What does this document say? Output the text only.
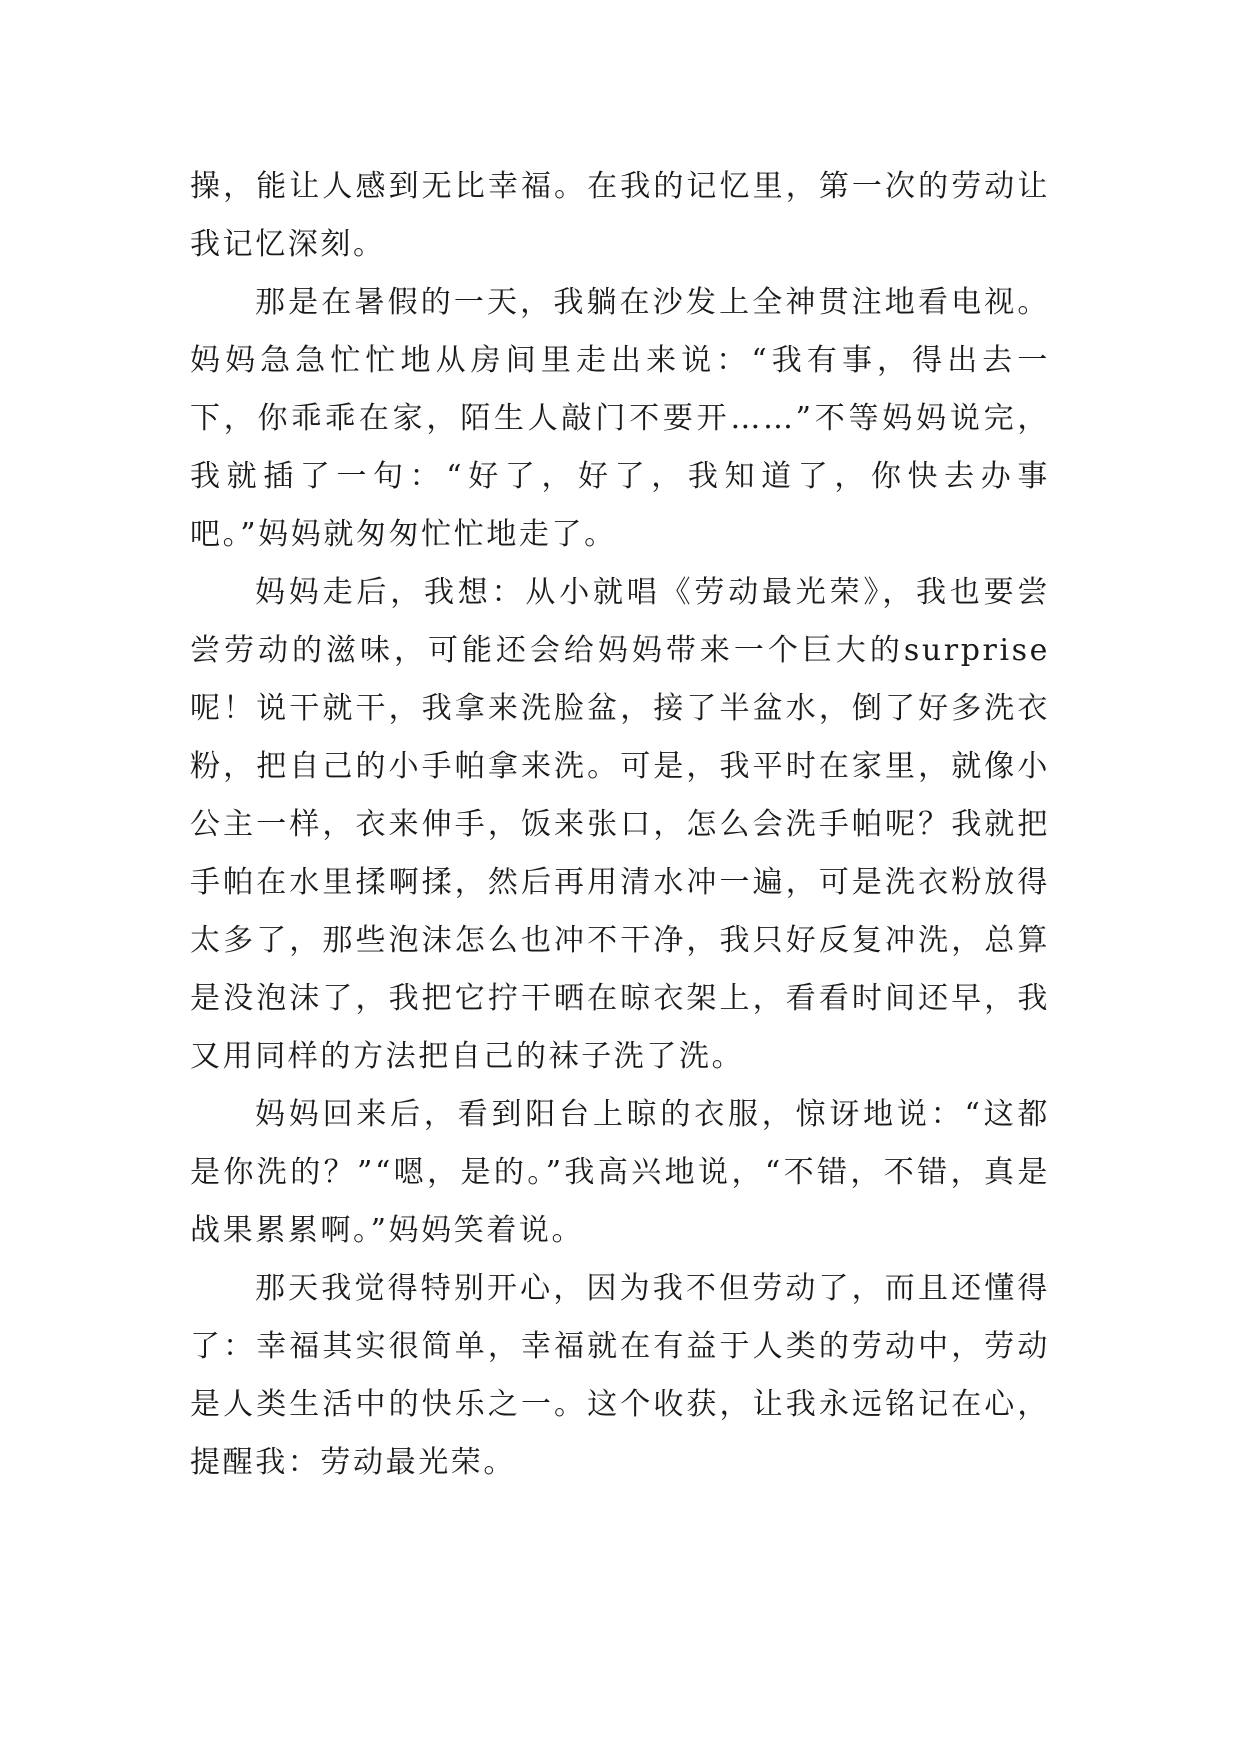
操，能让人感到无比幸福。在我的记忆里，第一次的劳动让我记忆深刻。

那是在暑假的一天，我躺在沙发上全神贯注地看电视。妈妈急急忙忙地从房间里走出来说：“我有事，得出去一下，你乖乖在家，陌生人敲门不要开……”不等妈妈说完，我就插了一句：“好了，好了，我知道了，你快去办事吧。”妈妈就匆匆忙忙地走了。

妈妈走后，我想：从小就唱《劳动最光荣》，我也要尝尝劳动的滋味，可能还会给妈妈带来一个巨大的surprise呢！说干就干，我拿来洗脸盆，接了半盆水，倒了好多洗衣粉，把自己的小手帕拿来洗。可是，我平时在家里，就像小公主一样，衣来伸手，饭来张口，怎么会洗手帕呢？我就把手帕在水里揉啊揉，然后再用清水冲一遍，可是洗衣粉放得太多了，那些泡沫怎么也冲不干净，我只好反复冲洗，总算是没泡沫了，我把它拧干晒在晾衣架上，看看时间还早，我又用同样的方法把自己的袜子洗了洗。

妈妈回来后，看到阳台上晾的衣服，惊讶地说：“这都是你洗的？”“嗯，是的。”我高兴地说，“不错，不错，真是战果累累啊。”妈妈笑着说。

那天我觉得特别开心，因为我不但劳动了，而且还懂得了：幸福其实很简单，幸福就在有益于人类的劳动中，劳动是人类生活中的快乐之一。这个收获，让我永远铭记在心，提醒我：劳动最光荣。
